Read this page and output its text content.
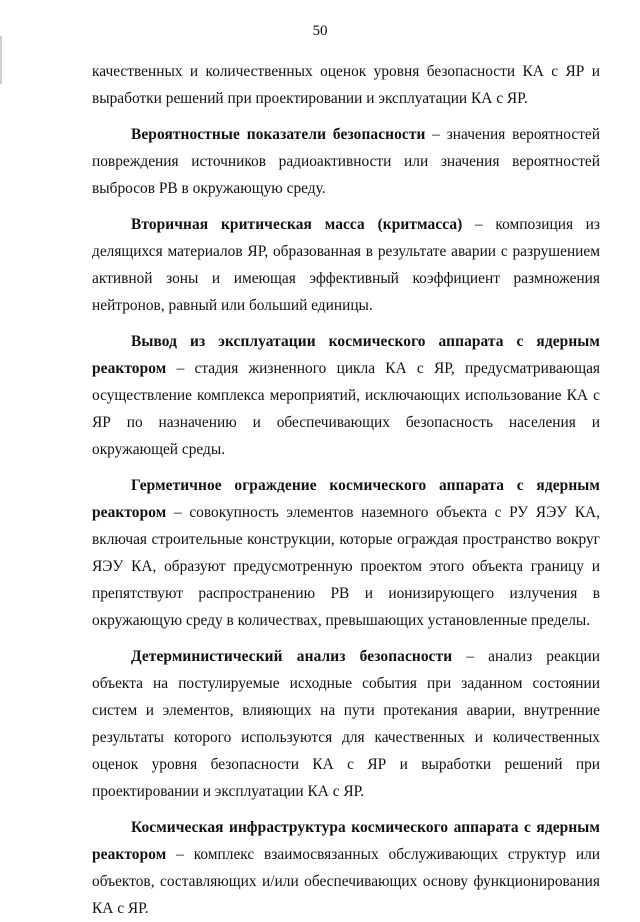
50

качественных и количественных оценок уровня безопасности КА с ЯР и выработки решений при проектировании и эксплуатации КА с ЯР.

Вероятностные показатели безопасности – значения вероятностей повреждения источников радиоактивности или значения вероятностей выбросов РВ в окружающую среду.

Вторичная критическая масса (критмасса) – композиция из делящихся материалов ЯР, образованная в результате аварии с разрушением активной зоны и имеющая эффективный коэффициент размножения нейтронов, равный или больший единицы.

Вывод из эксплуатации космического аппарата с ядерным реактором – стадия жизненного цикла КА с ЯР, предусматривающая осуществление комплекса мероприятий, исключающих использование КА с ЯР по назначению и обеспечивающих безопасность населения и окружающей среды.

Герметичное ограждение космического аппарата с ядерным реактором – совокупность элементов наземного объекта с РУ ЯЭУ КА, включая строительные конструкции, которые ограждая пространство вокруг ЯЭУ КА, образуют предусмотренную проектом этого объекта границу и препятствуют распространению РВ и ионизирующего излучения в окружающую среду в количествах, превышающих установленные пределы.

Детерминистический анализ безопасности – анализ реакции объекта на постулируемые исходные события при заданном состоянии систем и элементов, влияющих на пути протекания аварии, внутренние результаты которого используются для качественных и количественных оценок уровня безопасности КА с ЯР и выработки решений при проектировании и эксплуатации КА с ЯР.

Космическая инфраструктура космического аппарата с ядерным реактором – комплекс взаимосвязанных обслуживающих структур или объектов, составляющих и/или обеспечивающих основу функционирования КА с ЯР.
